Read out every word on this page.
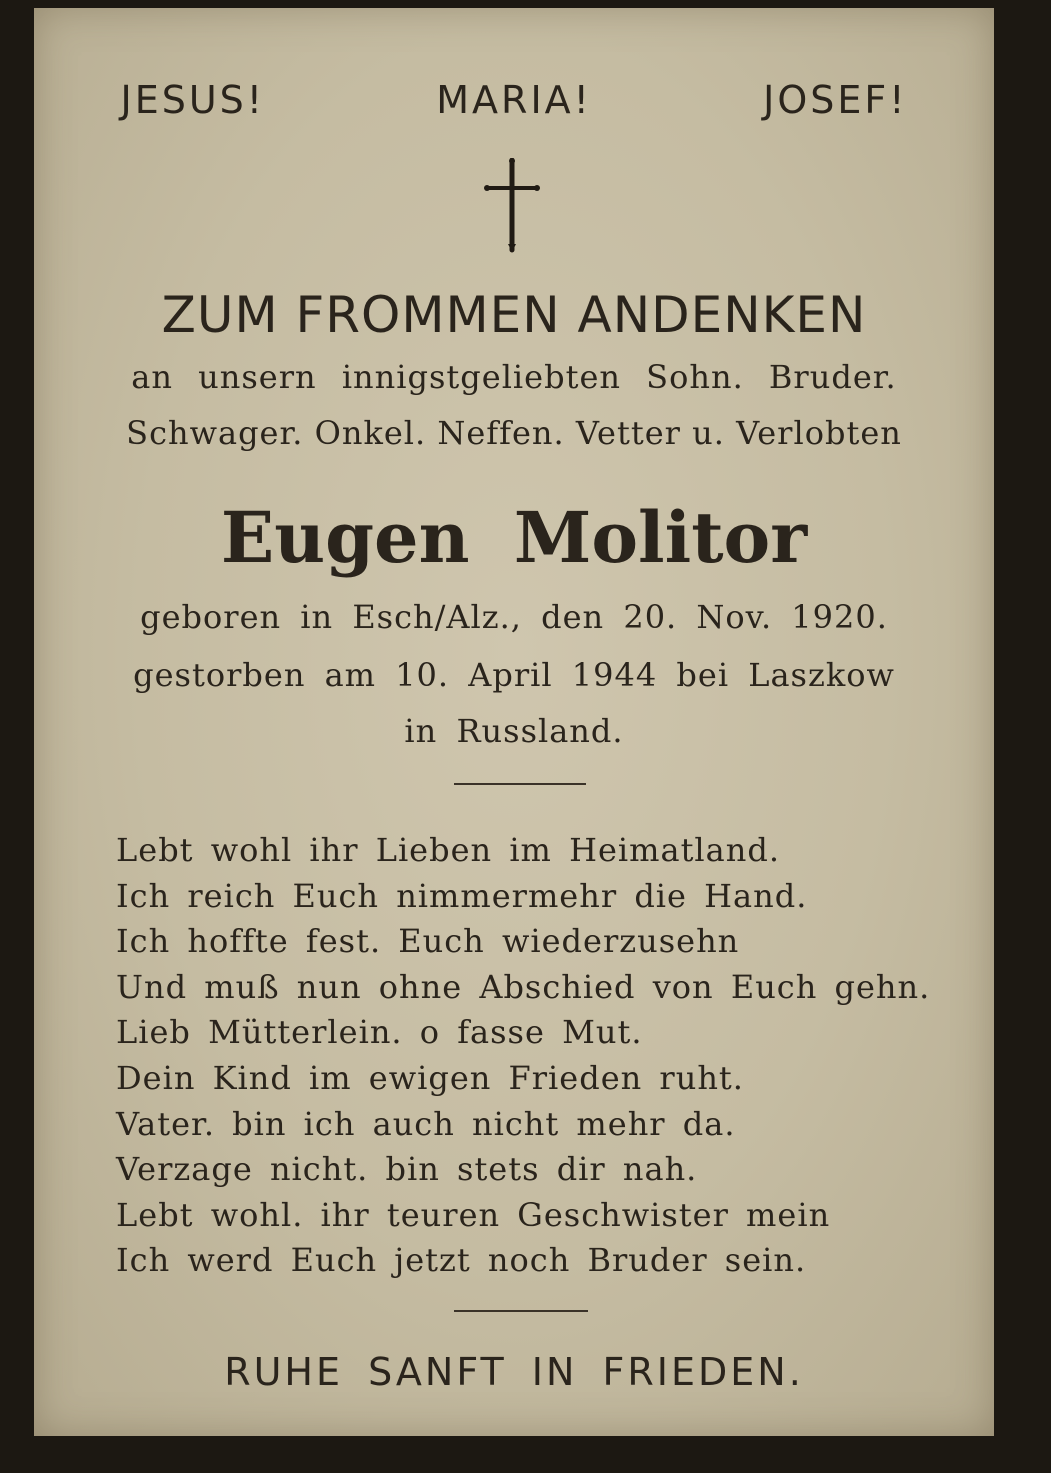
JESUS!   MARIA!   JOSEF!
ZUM FROMMEN ANDENKEN
an unsern innigstgeliebten Sohn. Bruder.
Schwager. Onkel. Neffen. Vetter u. Verlobten
Eugen Molitor
geboren in Esch/Alz., den 20. Nov. 1920.
gestorben am 10. April 1944 bei Laszkow
in Russland.
Lebt wohl ihr Lieben im Heimatland.
Ich reich Euch nimmermehr die Hand.
Ich hoffte fest. Euch wiederzusehn
Und muß nun ohne Abschied von Euch gehn.
Lieb Mütterlein. o fasse Mut.
Dein Kind im ewigen Frieden ruht.
Vater. bin ich auch nicht mehr da.
Verzage nicht. bin stets dir nah.
Lebt wohl. ihr teuren Geschwister mein
Ich werd Euch jetzt noch Bruder sein.
RUHE SANFT IN FRIEDEN.
